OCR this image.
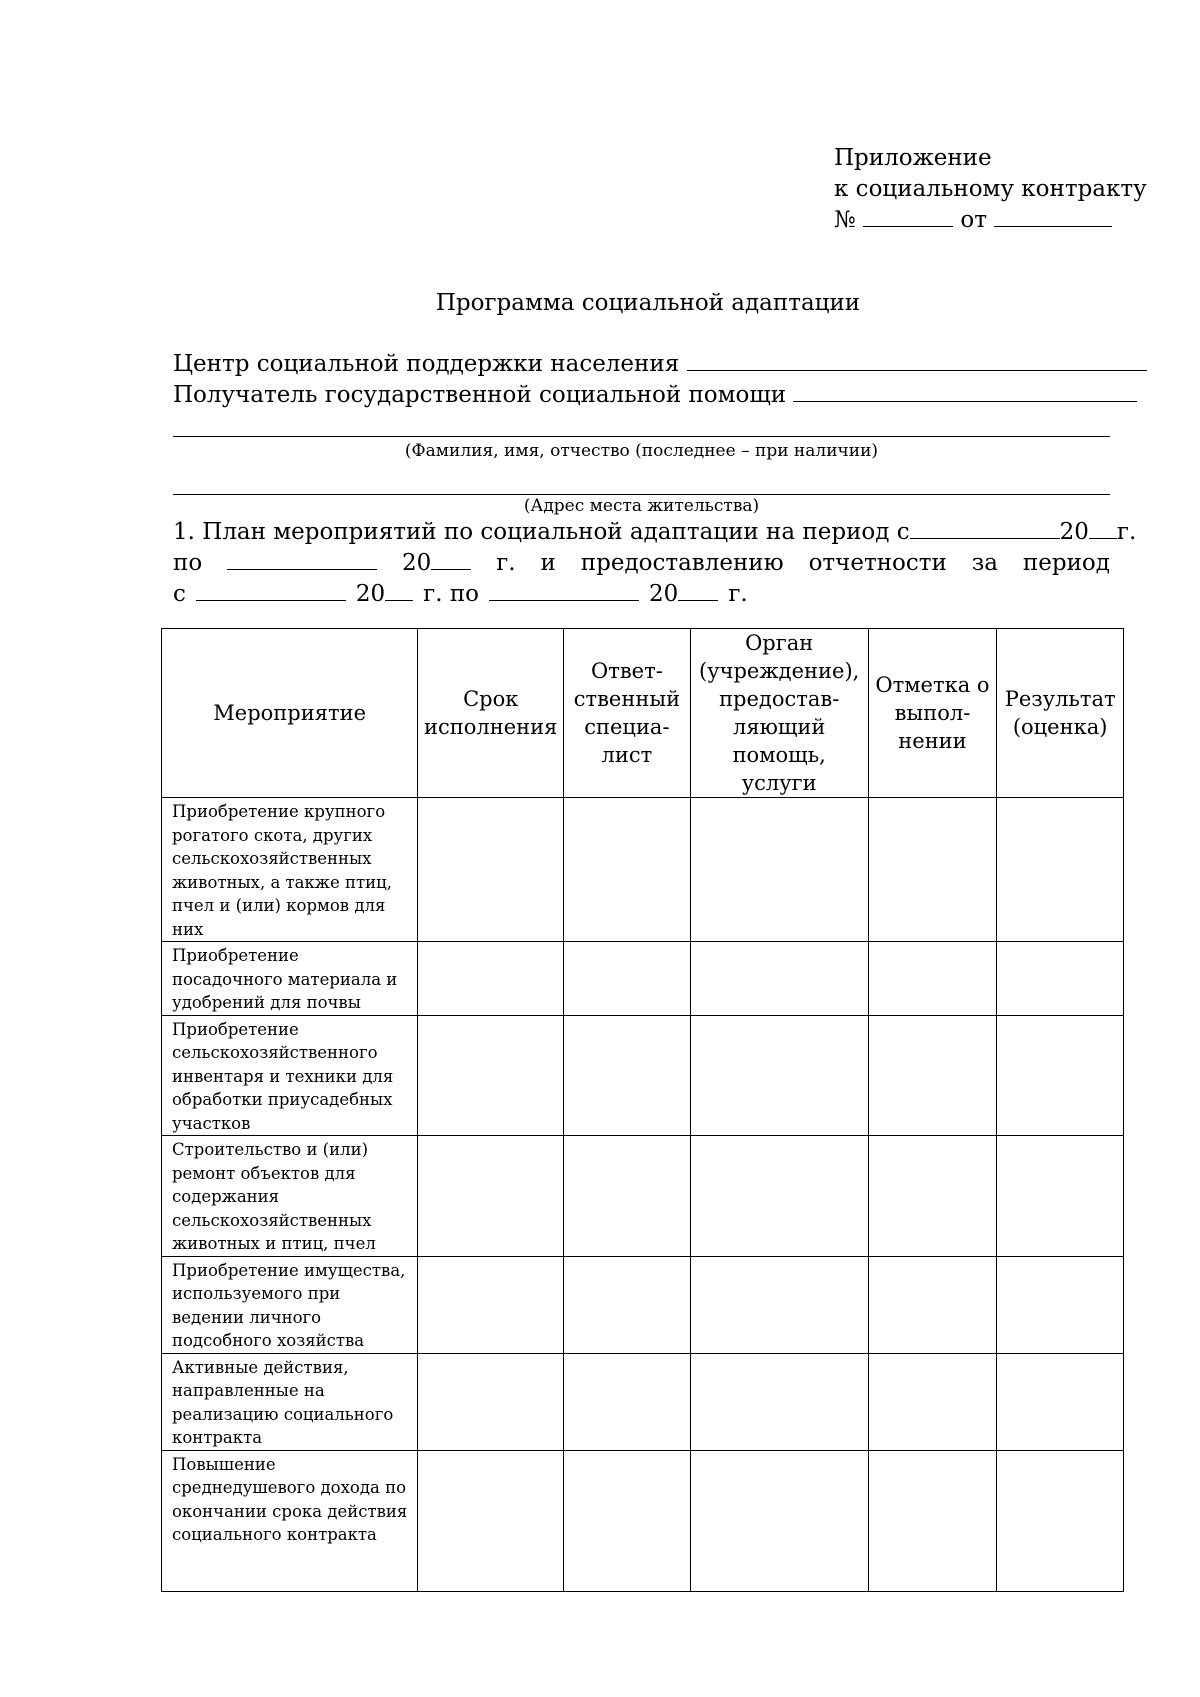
Приложение
к социальному контракту
№	от
Программа социальной адаптации
Центр социальной поддержки населения
Получатель государственной социальной помощи
(Фамилия, имя, отчество (последнее – при наличии)
(Адрес места жительства)
1. План мероприятий по социальной адаптации на период с	20	г.
по	20	г. и предоставлению отчетности за период
с	20	г. по	20	г.
Мероприятие	Срок исполнения	Ответ-ственный специа-лист	Орган (учреждение), предостав-ляющий помощь, услуги	Отметка о выпол-нении	Результат (оценка)
Приобретение крупного рогатого скота, других сельскохозяйственных животных, а также птиц, пчел и (или) кормов для них					
Приобретение посадочного материала и удобрений для почвы					
Приобретение сельскохозяйственного инвентаря и техники для обработки приусадебных участков					
Строительство и (или) ремонт объектов для содержания сельскохозяйственных животных и птиц, пчел					
Приобретение имущества, используемого при ведении личного подсобного хозяйства					
Активные действия, направленные на реализацию социального контракта					
Повышение среднедушевого дохода по окончании срока действия социального контракта					
